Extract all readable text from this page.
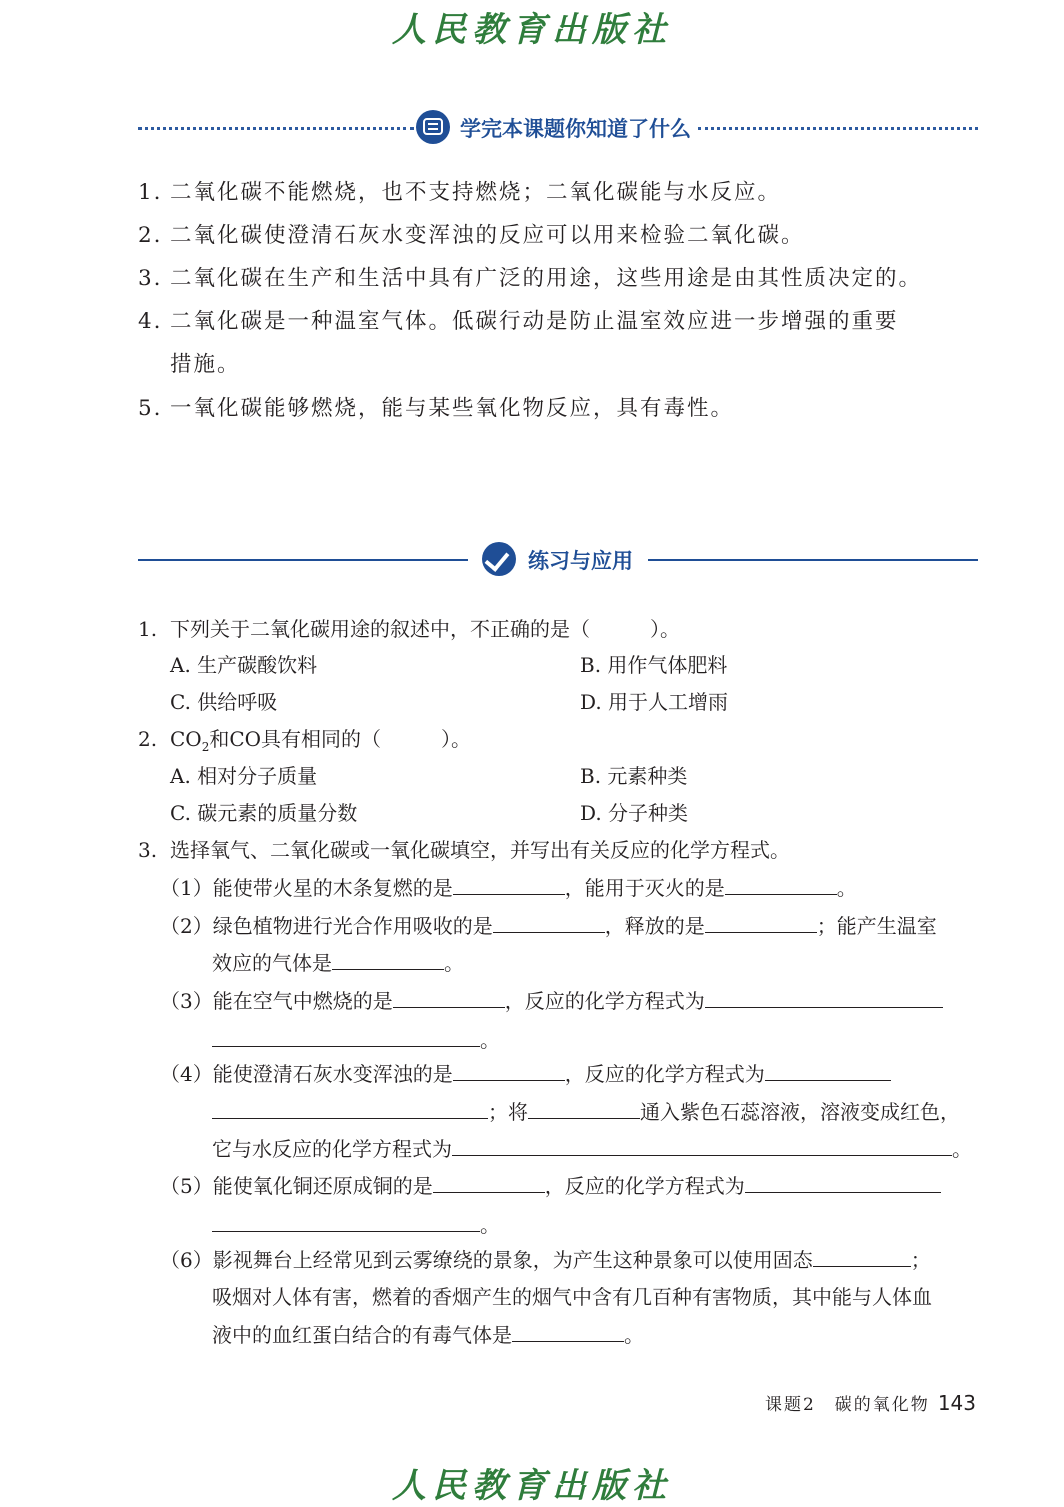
人民教育出版社
学完本课题你知道了什么
1. 二氧化碳不能燃烧，也不支持燃烧；二氧化碳能与水反应。
2. 二氧化碳使澄清石灰水变浑浊的反应可以用来检验二氧化碳。
3. 二氧化碳在生产和生活中具有广泛的用途，这些用途是由其性质决定的。
4. 二氧化碳是一种温室气体。低碳行动是防止温室效应进一步增强的重要
措施。
5. 一氧化碳能够燃烧，能与某些氧化物反应，具有毒性。
练习与应用
1. 下列关于二氧化碳用途的叙述中，不正确的是（　　　）。
A. 生产碳酸饮料	B. 用作气体肥料
C. 供给呼吸	D. 用于人工增雨
2. $CO_2$和CO具有相同的（　　　）。
A. 相对分子质量	B. 元素种类
C. 碳元素的质量分数	D. 分子种类
3. 选择氧气、二氧化碳或一氧化碳填空，并写出有关反应的化学方程式。
（1）能使带火星的木条复燃的是	，能用于灭火的是	。
（2）绿色植物进行光合作用吸收的是	，释放的是	；能产生温室
效应的气体是	。
（3）能在空气中燃烧的是	，反应的化学方程式为
。
（4）能使澄清石灰水变浑浊的是	，反应的化学方程式为
；将	通入紫色石蕊溶液，溶液变成红色，
它与水反应的化学方程式为	。
（5）能使氧化铜还原成铜的是	，反应的化学方程式为
。
（6）影视舞台上经常见到云雾缭绕的景象，为产生这种景象可以使用固态	；
吸烟对人体有害，燃着的香烟产生的烟气中含有几百种有害物质，其中能与人体血
液中的血红蛋白结合的有毒气体是	。
课题2　碳的氧化物 143
人民教育出版社
